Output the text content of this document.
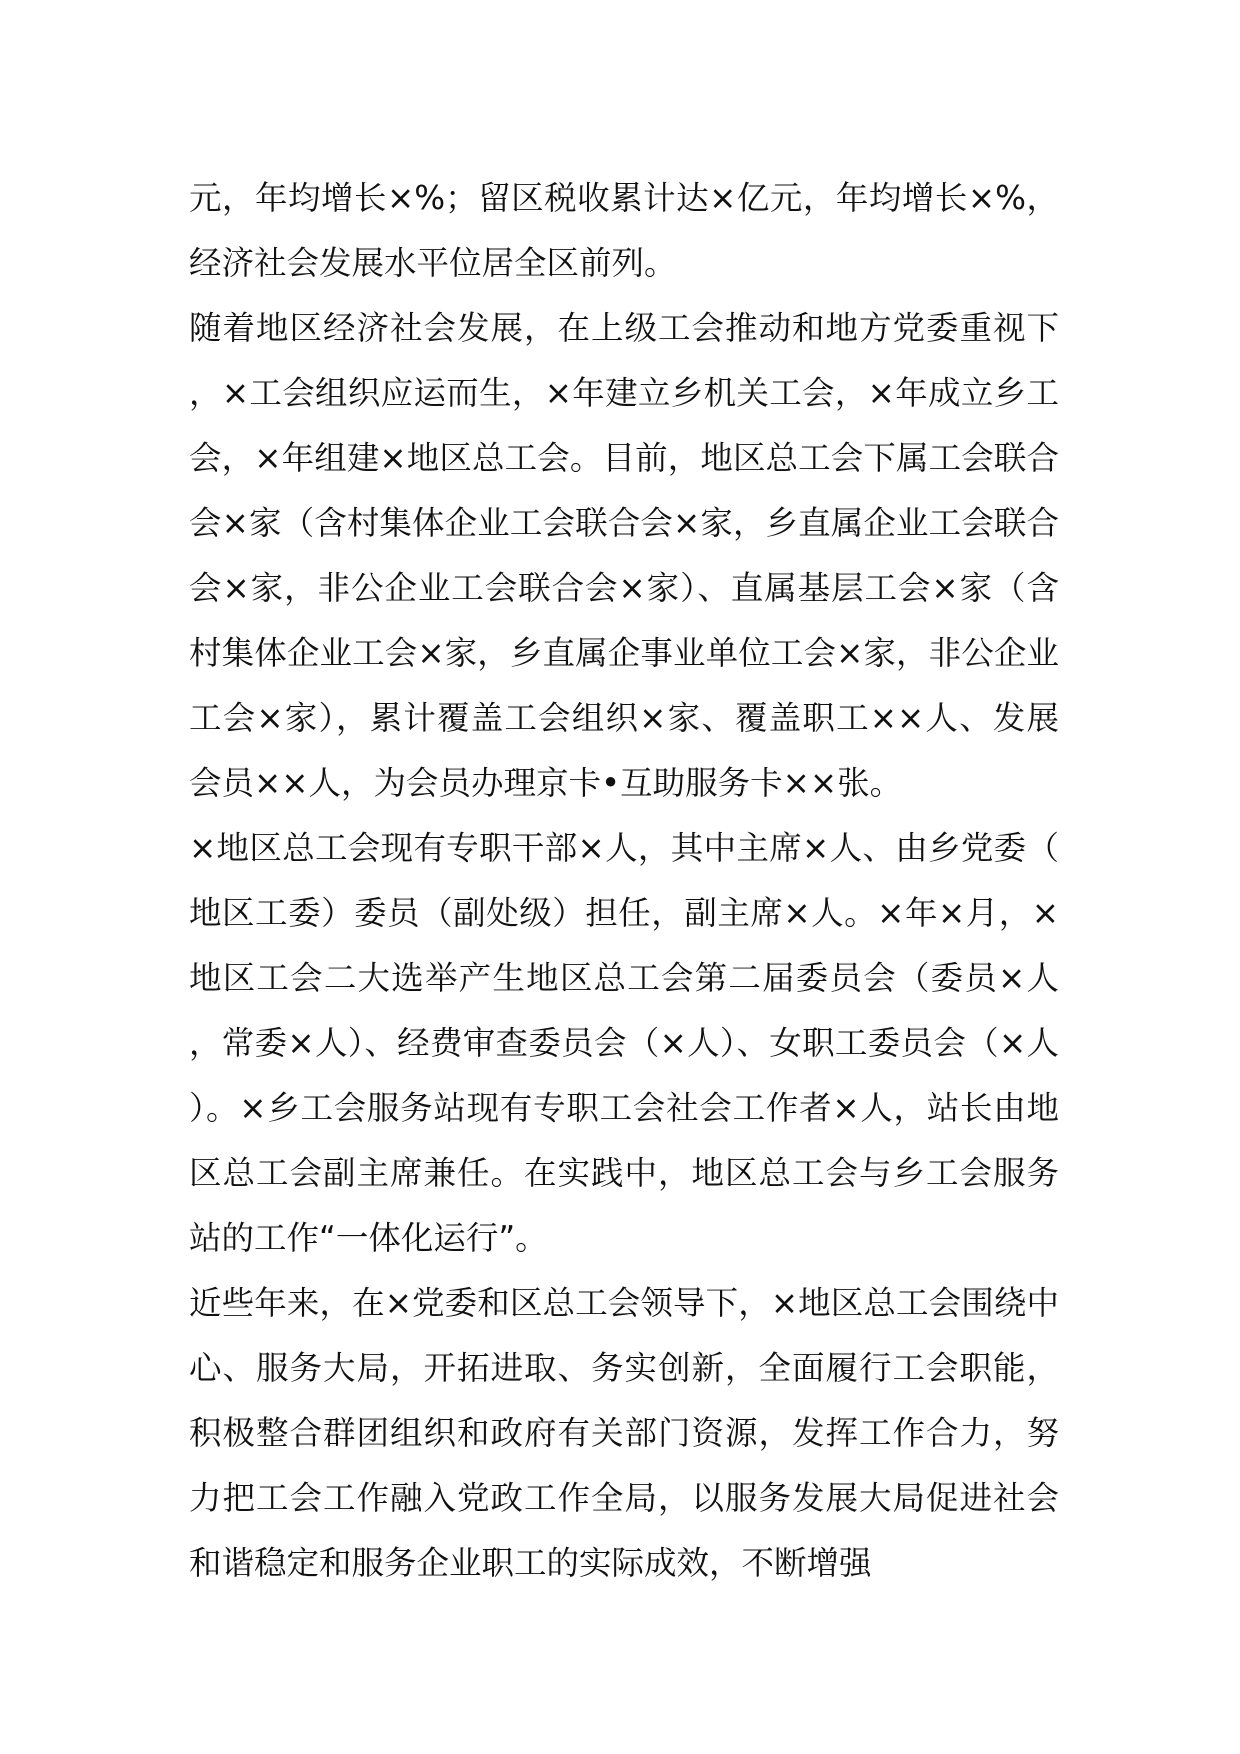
元，年均增长×%；留区税收累计达×亿元，年均增长×%，经济社会发展水平位居全区前列。

随着地区经济社会发展，在上级工会推动和地方党委重视下，×工会组织应运而生，×年建立乡机关工会，×年成立乡工会，×年组建×地区总工会。目前，地区总工会下属工会联合会×家（含村集体企业工会联合会×家，乡直属企业工会联合会×家，非公企业工会联合会×家）、直属基层工会×家（含村集体企业工会×家，乡直属企事业单位工会×家，非公企业工会×家），累计覆盖工会组织×家、覆盖职工××人、发展会员××人，为会员办理京卡•互助服务卡××张。

×地区总工会现有专职干部×人，其中主席×人、由乡党委（地区工委）委员（副处级）担任，副主席×人。×年×月，×地区工会二大选举产生地区总工会第二届委员会（委员×人，常委×人）、经费审查委员会（×人）、女职工委员会（×人）。×乡工会服务站现有专职工会社会工作者×人，站长由地区总工会副主席兼任。在实践中，地区总工会与乡工会服务站的工作“一体化运行”。

近些年来，在×党委和区总工会领导下，×地区总工会围绕中心、服务大局，开拓进取、务实创新，全面履行工会职能，积极整合群团组织和政府有关部门资源，发挥工作合力，努力把工会工作融入党政工作全局，以服务发展大局促进社会和谐稳定和服务企业职工的实际成效，不断增强
